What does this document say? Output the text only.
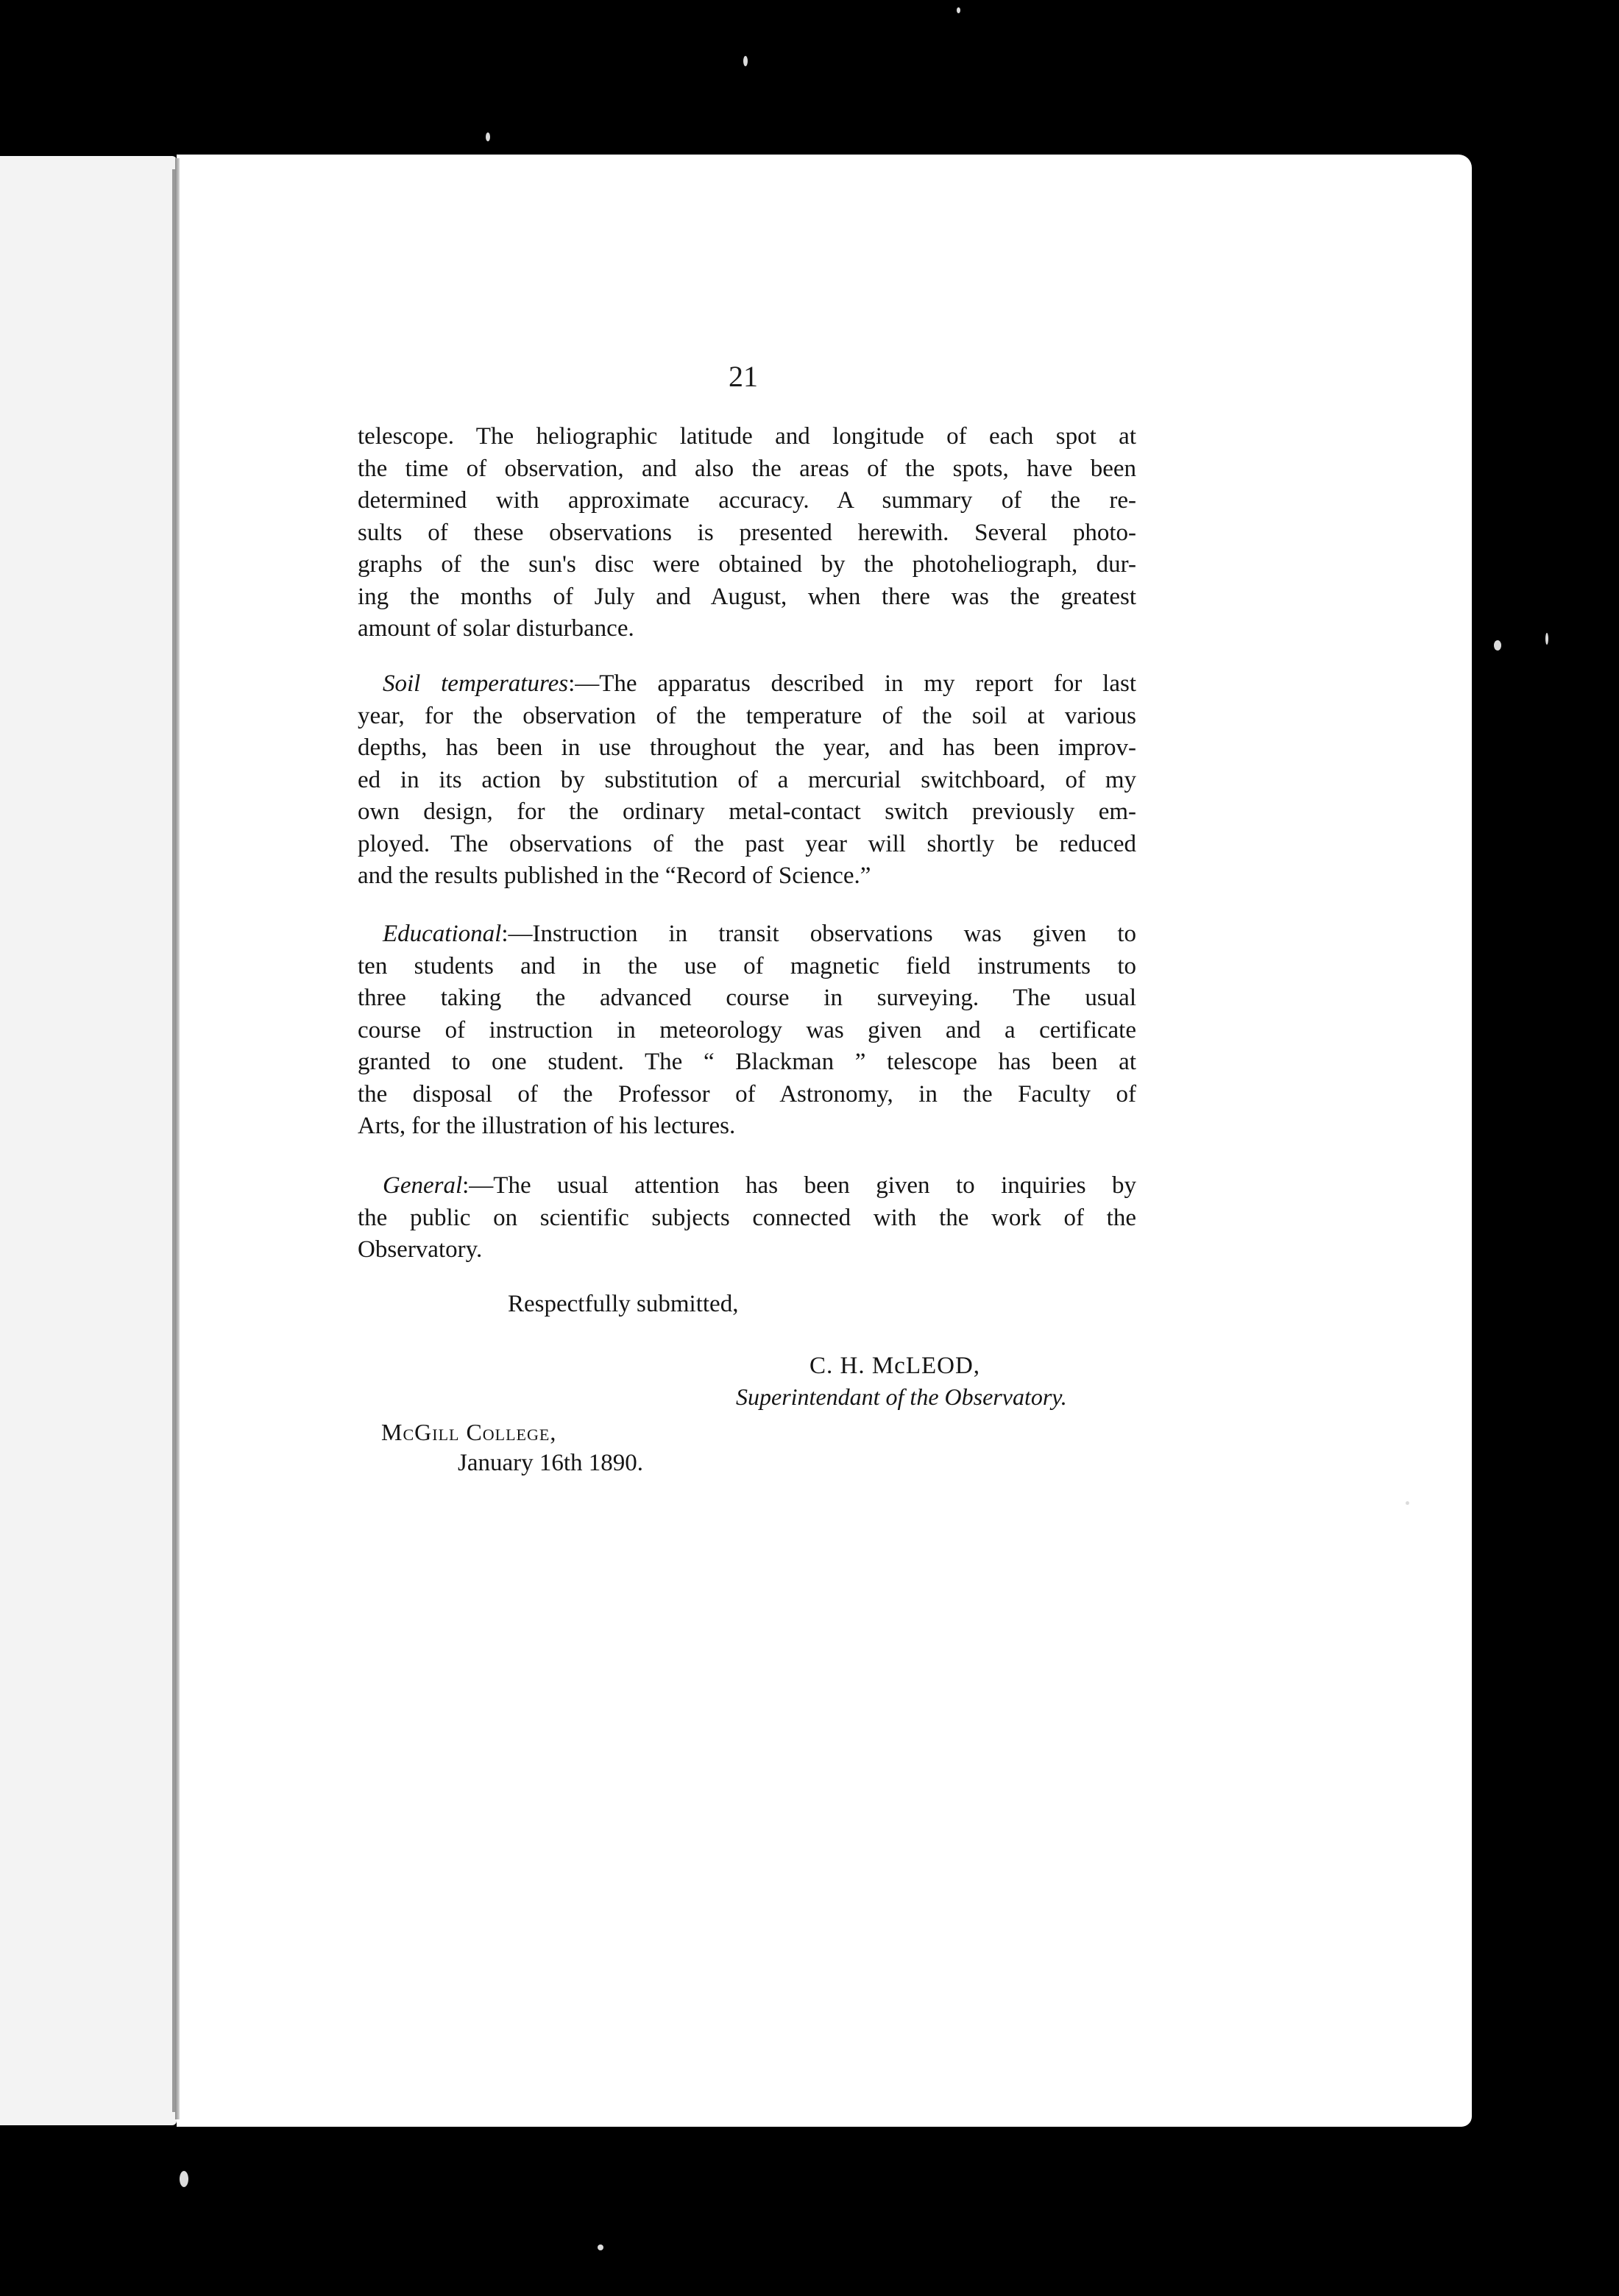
21
telescope. The heliographic latitude and longitude of each spot at
the time of observation, and also the areas of the spots, have been
determined with approximate accuracy. A summary of the re-
sults of these observations is presented herewith. Several photo-
graphs of the sun's disc were obtained by the photoheliograph, dur-
ing the months of July and August, when there was the greatest
amount of solar disturbance.
Soil temperatures:—The apparatus described in my report for last
year, for the observation of the temperature of the soil at various
depths, has been in use throughout the year, and has been improv-
ed in its action by substitution of a mercurial switchboard, of my
own design, for the ordinary metal-contact switch previously em-
ployed. The observations of the past year will shortly be reduced
and the results published in the “Record of Science.”
Educational:—Instruction in transit observations was given to
ten students and in the use of magnetic field instruments to
three taking the advanced course in surveying. The usual
course of instruction in meteorology was given and a certificate
granted to one student. The “ Blackman ” telescope has been at
the disposal of the Professor of Astronomy, in the Faculty of
Arts, for the illustration of his lectures.
General:—The usual attention has been given to inquiries by
the public on scientific subjects connected with the work of the
Observatory.
Respectfully submitted,
C. H. McLEOD,
Superintendant of the Observatory.
McGill College,
January 16th 1890.
